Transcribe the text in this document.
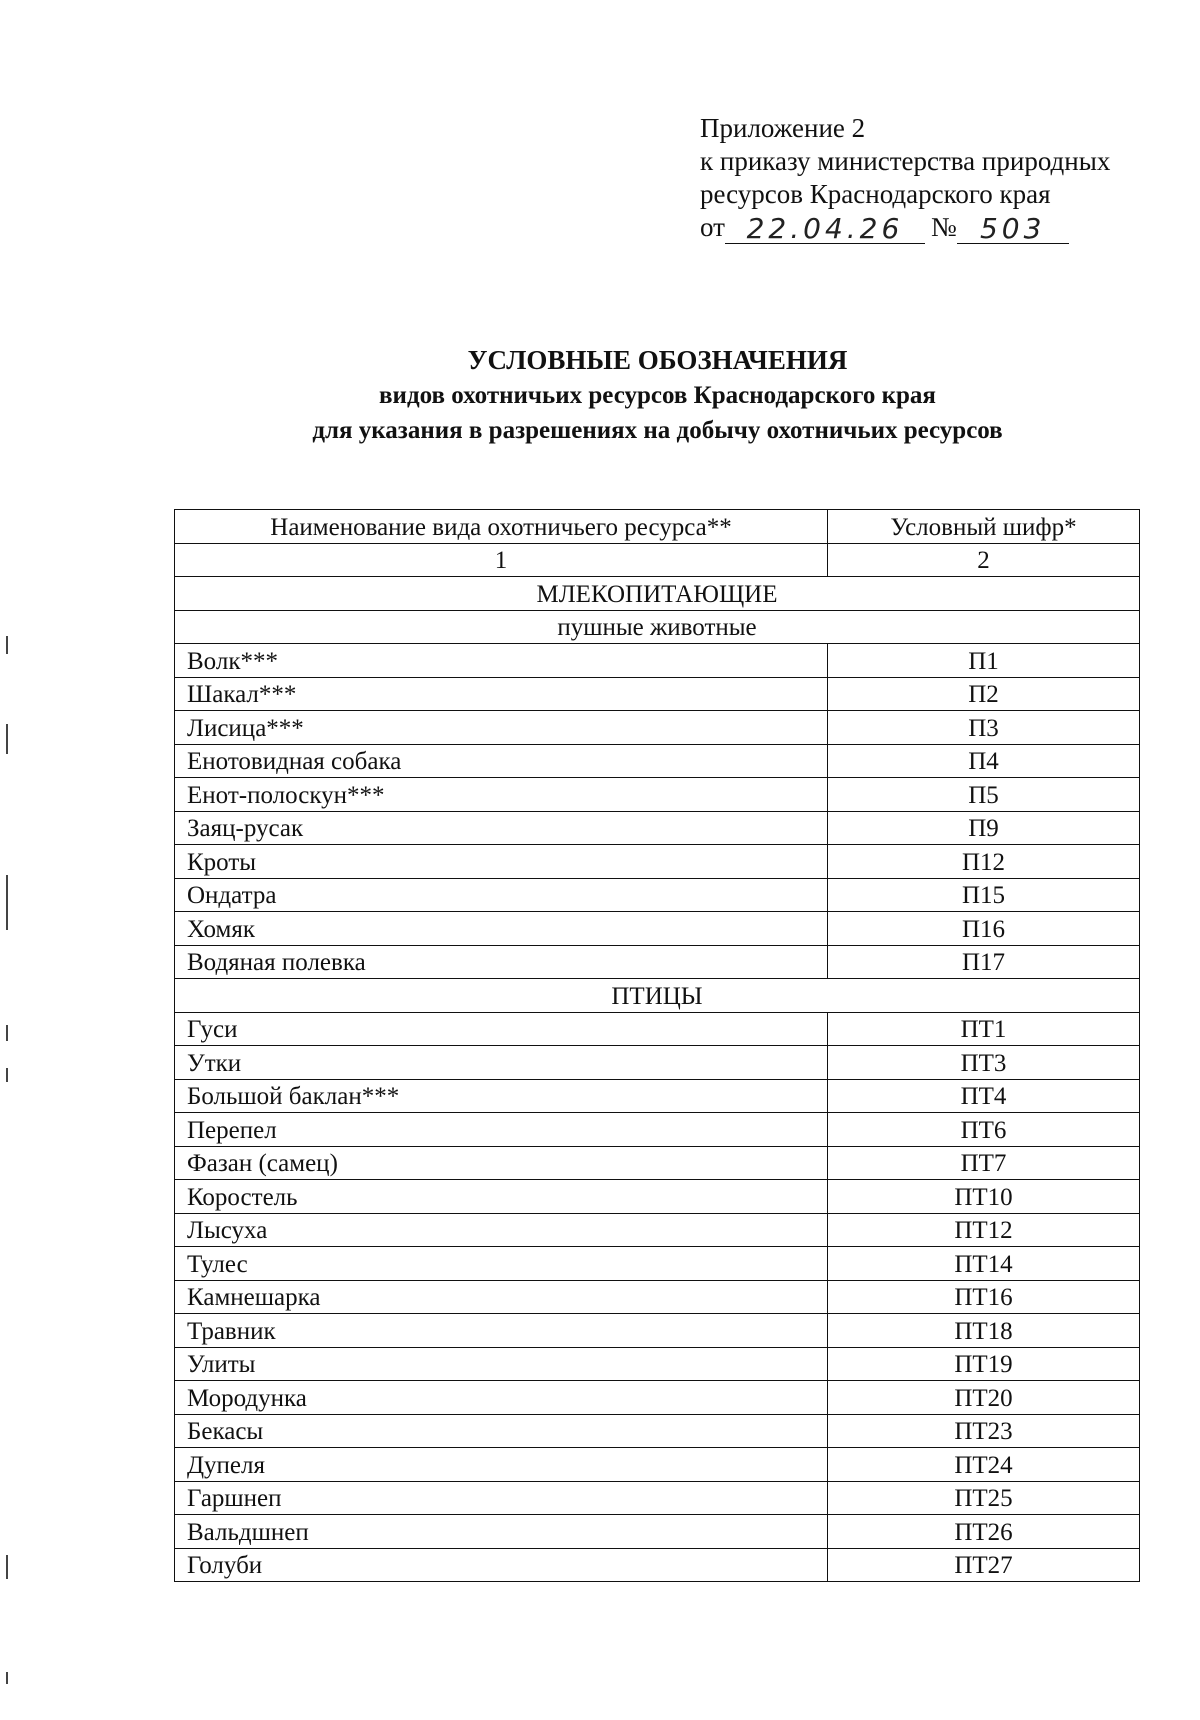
Приложение 2
к приказу министерства природных
ресурсов Краснодарского края
от 22.04.26	№ 503
УСЛОВНЫЕ ОБОЗНАЧЕНИЯ
видов охотничьих ресурсов Краснодарского края
для указания в разрешениях на добычу охотничьих ресурсов
Наименование вида охотничьего ресурса**	Условный шифр*
1	2
МЛЕКОПИТАЮЩИЕ	
пушные животные	
Волк***	П1
Шакал***	П2
Лисица***	П3
Енотовидная собака	П4
Енот-полоскун***	П5
Заяц-русак	П9
Кроты	П12
Ондатра	П15
Хомяк	П16
Водяная полевка	П17
ПТИЦЫ	
Гуси	ПТ1
Утки	ПТ3
Большой баклан***	ПТ4
Перепел	ПТ6
Фазан (самец)	ПТ7
Коростель	ПТ10
Лысуха	ПТ12
Тулес	ПТ14
Камнешарка	ПТ16
Травник	ПТ18
Улиты	ПТ19
Мородунка	ПТ20
Бекасы	ПТ23
Дупеля	ПТ24
Гаршнеп	ПТ25
Вальдшнеп	ПТ26
Голуби	ПТ27
